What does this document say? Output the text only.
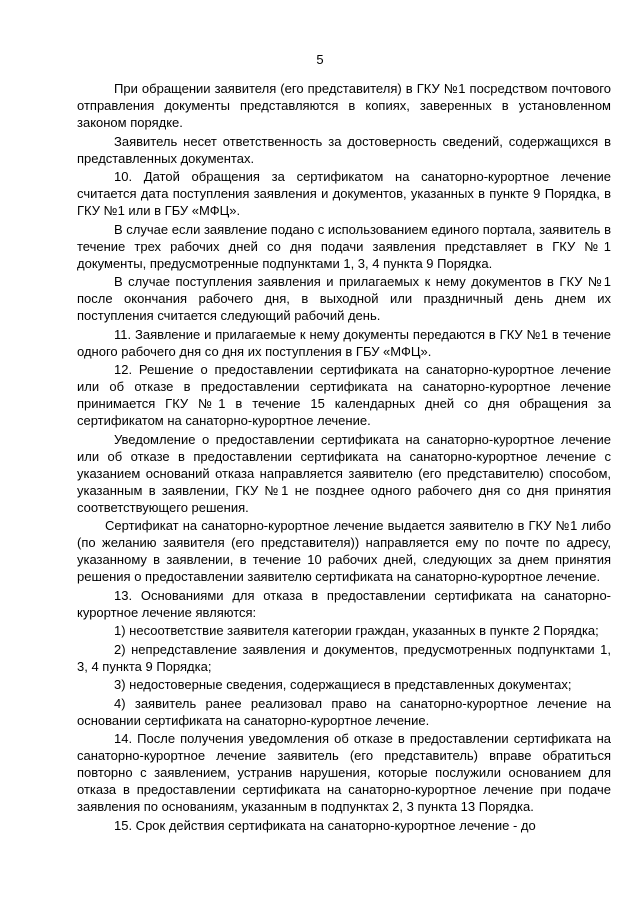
5

При обращении заявителя (его представителя) в ГКУ №1 посредством почтового отправления документы представляются в копиях, заверенных в установленном законом порядке.

Заявитель несет ответственность за достоверность сведений, содержащихся в представленных документах.

10. Датой обращения за сертификатом на санаторно-курортное лечение считается дата поступления заявления и документов, указанных в пункте 9 Порядка, в ГКУ №1 или в ГБУ «МФЦ».

В случае если заявление подано с использованием единого портала, заявитель в течение трех рабочих дней со дня подачи заявления представляет в ГКУ №1 документы, предусмотренные подпунктами 1, 3, 4 пункта 9 Порядка.

В случае поступления заявления и прилагаемых к нему документов в ГКУ №1 после окончания рабочего дня, в выходной или праздничный день днем их поступления считается следующий рабочий день.

11. Заявление и прилагаемые к нему документы передаются в ГКУ №1 в течение одного рабочего дня со дня их поступления в ГБУ «МФЦ».

12. Решение о предоставлении сертификата на санаторно-курортное лечение или об отказе в предоставлении сертификата на санаторно-курортное лечение принимается ГКУ №1 в течение 15 календарных дней со дня обращения за сертификатом на санаторно-курортное лечение.

Уведомление о предоставлении сертификата на санаторно-курортное лечение или об отказе в предоставлении сертификата на санаторно-курортное лечение с указанием оснований отказа направляется заявителю (его представителю) способом, указанным в заявлении, ГКУ №1 не позднее одного рабочего дня со дня принятия соответствующего решения.

Сертификат на санаторно-курортное лечение выдается заявителю в ГКУ №1 либо (по желанию заявителя (его представителя)) направляется ему по почте по адресу, указанному в заявлении, в течение 10 рабочих дней, следующих за днем принятия решения о предоставлении заявителю сертификата на санаторно-курортное лечение.

13. Основаниями для отказа в предоставлении сертификата на санаторно-курортное лечение являются:

1) несоответствие заявителя категории граждан, указанных в пункте 2 Порядка;

2) непредставление заявления и документов, предусмотренных подпунктами 1, 3, 4 пункта 9 Порядка;

3) недостоверные сведения, содержащиеся в представленных документах;

4) заявитель ранее реализовал право на санаторно-курортное лечение на основании сертификата на санаторно-курортное лечение.

14. После получения уведомления об отказе в предоставлении сертификата на санаторно-курортное лечение заявитель (его представитель) вправе обратиться повторно с заявлением, устранив нарушения, которые послужили основанием для отказа в предоставлении сертификата на санаторно-курортное лечение при подаче заявления по основаниям, указанным в подпунктах 2, 3 пункта 13 Порядка.

15. Срок действия сертификата на санаторно-курортное лечение - до
